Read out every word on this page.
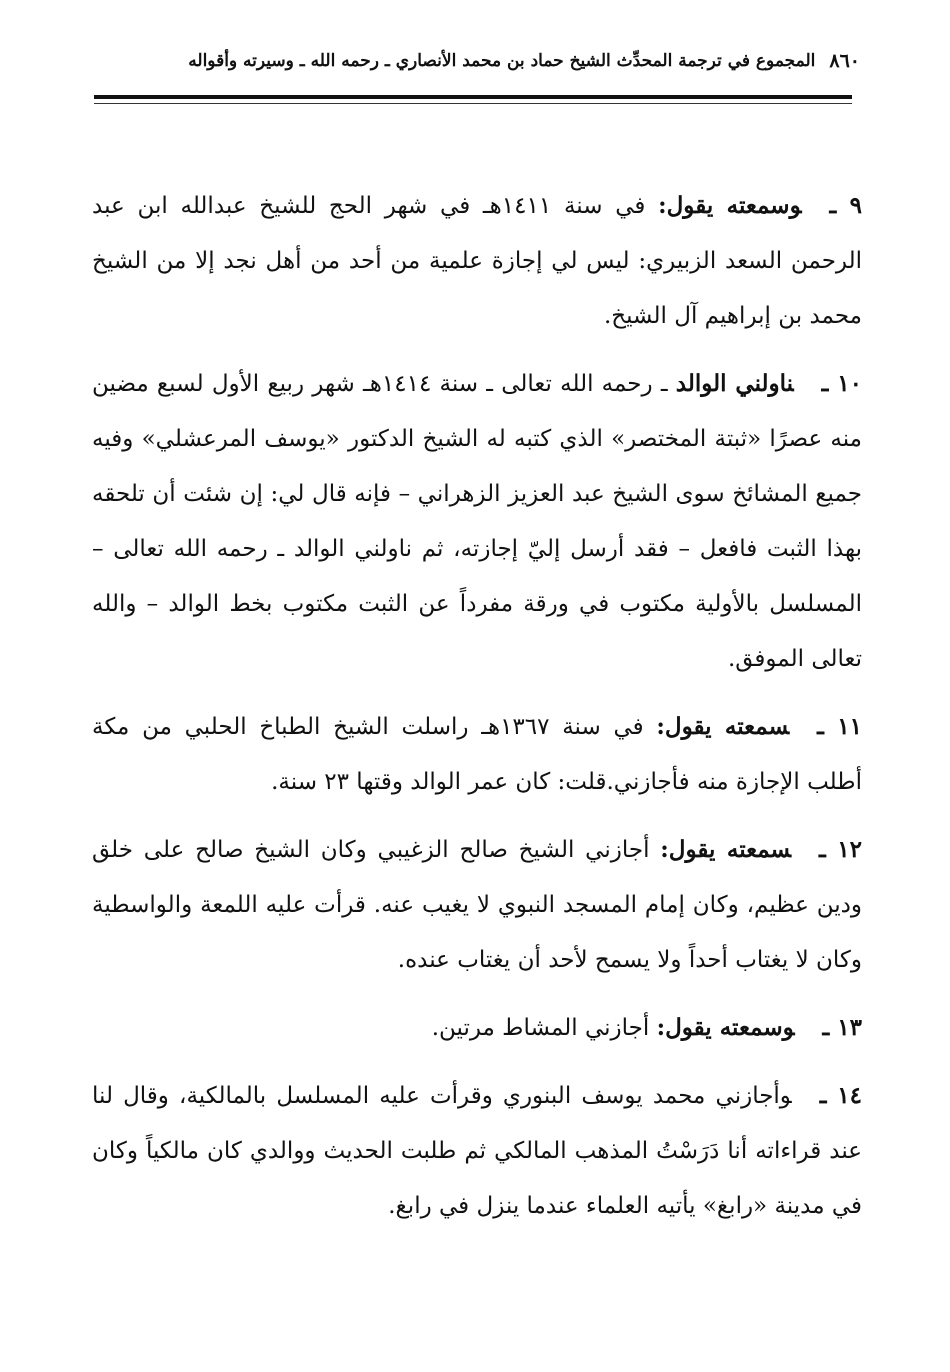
٨٦٠
المجموع في ترجمة المحدِّث الشيخ حماد بن محمد الأنصاري ـ رحمه الله ـ وسيرته وأقواله

٩ ـوسمعته يقول: في سنة ١٤١١هـ في شهر الحج للشيخ عبدالله ابن عبد الرحمن السعد الزبيري: ليس لي إجازة علمية من أحد من أهل نجد إلا من الشيخ محمد بن إبراهيم آل الشيخ.

١٠ ـناولني الوالد ـ رحمه الله تعالى ـ سنة ١٤١٤هـ شهر ربيع الأول لسبع مضين منه عصرًا «ثبتة المختصر» الذي كتبه له الشيخ الدكتور «يوسف المرعشلي» وفيه جميع المشائخ سوى الشيخ عبد العزيز الزهراني – فإنه قال لي: إن شئت أن تلحقه بهذا الثبت فافعل – فقد أرسل إليّ إجازته، ثم ناولني الوالد ـ رحمه الله تعالى – المسلسل بالأولية مكتوب في ورقة مفرداً عن الثبت مكتوب بخط الوالد – والله تعالى الموفق.

١١ ـسمعته يقول: في سنة ١٣٦٧هـ راسلت الشيخ الطباخ الحلبي من مكة أطلب الإجازة منه فأجازني.قلت: كان عمر الوالد وقتها ٢٣ سنة.

١٢ ـسمعته يقول: أجازني الشيخ صالح الزغيبي وكان الشيخ صالح على خلق ودين عظيم، وكان إمام المسجد النبوي لا يغيب عنه. قرأت عليه اللمعة والواسطية وكان لا يغتاب أحداً ولا يسمح لأحد أن يغتاب عنده.

١٣ ـوسمعته يقول: أجازني المشاط مرتين.

١٤ ـوأجازني محمد يوسف البنوري وقرأت عليه المسلسل بالمالكية، وقال لنا عند قراءاته أنا دَرَسْتُ المذهب المالكي ثم طلبت الحديث ووالدي كان مالكياً وكان في مدينة «رابغ» يأتيه العلماء عندما ينزل في رابغ.
